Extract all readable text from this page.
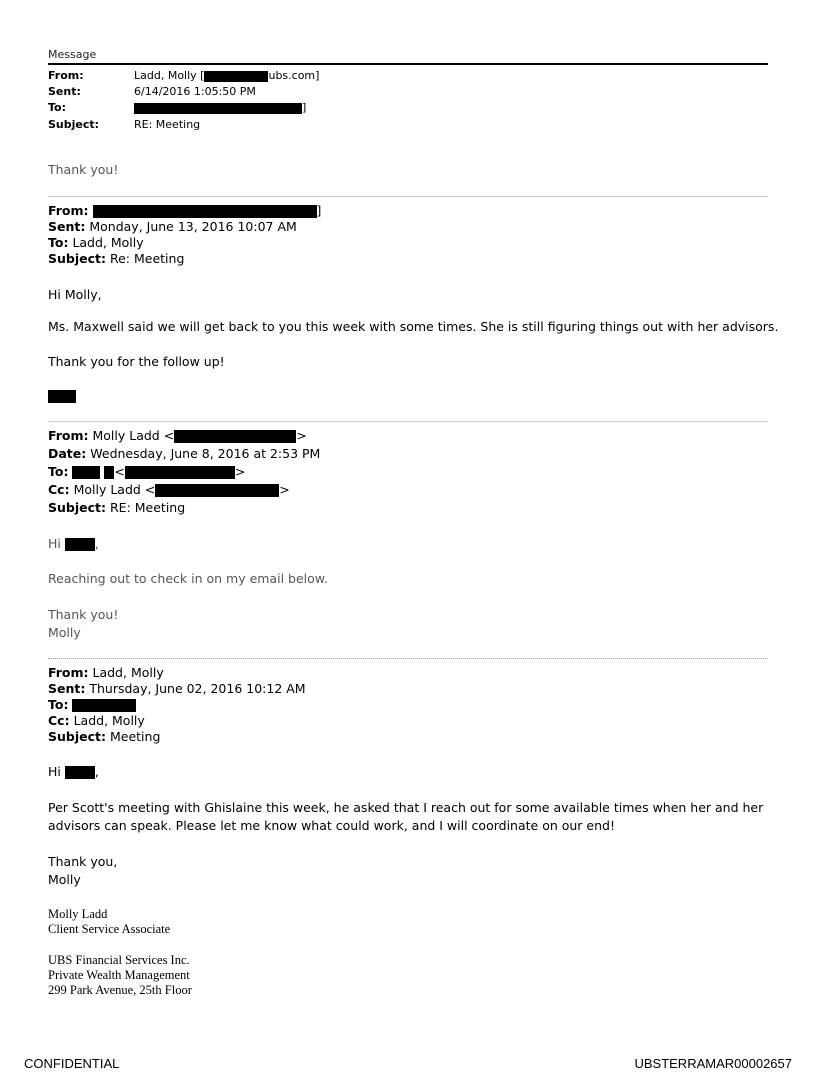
Message
From:	Ladd, Molly [	ubs.com]
Sent:	6/14/2016 1:05:50 PM
To:	]
Subject:	RE: Meeting
Thank you!
From:	]
Sent: Monday, June 13, 2016 10:07 AM
To: Ladd, Molly
Subject: Re: Meeting
Hi Molly,
Ms. Maxwell said we will get back to you this week with some times. She is still figuring things out with her advisors.
Thank you for the follow up!
From: Molly Ladd <	>
Date: Wednesday, June 8, 2016 at 2:53 PM
To:	<	>
Cc: Molly Ladd <	>
Subject: RE: Meeting
Hi	,
Reaching out to check in on my email below.
Thank you!
Molly
From: Ladd, Molly
Sent: Thursday, June 02, 2016 10:12 AM
To:
Cc: Ladd, Molly
Subject: Meeting
Hi	,
Per Scott's meeting with Ghislaine this week, he asked that I reach out for some available times when her and her
advisors can speak. Please let me know what could work, and I will coordinate on our end!
Thank you,
Molly
Molly Ladd
Client Service Associate
UBS Financial Services Inc.
Private Wealth Management
299 Park Avenue, 25th Floor
CONFIDENTIAL	UBSTERRAMAR00002657
